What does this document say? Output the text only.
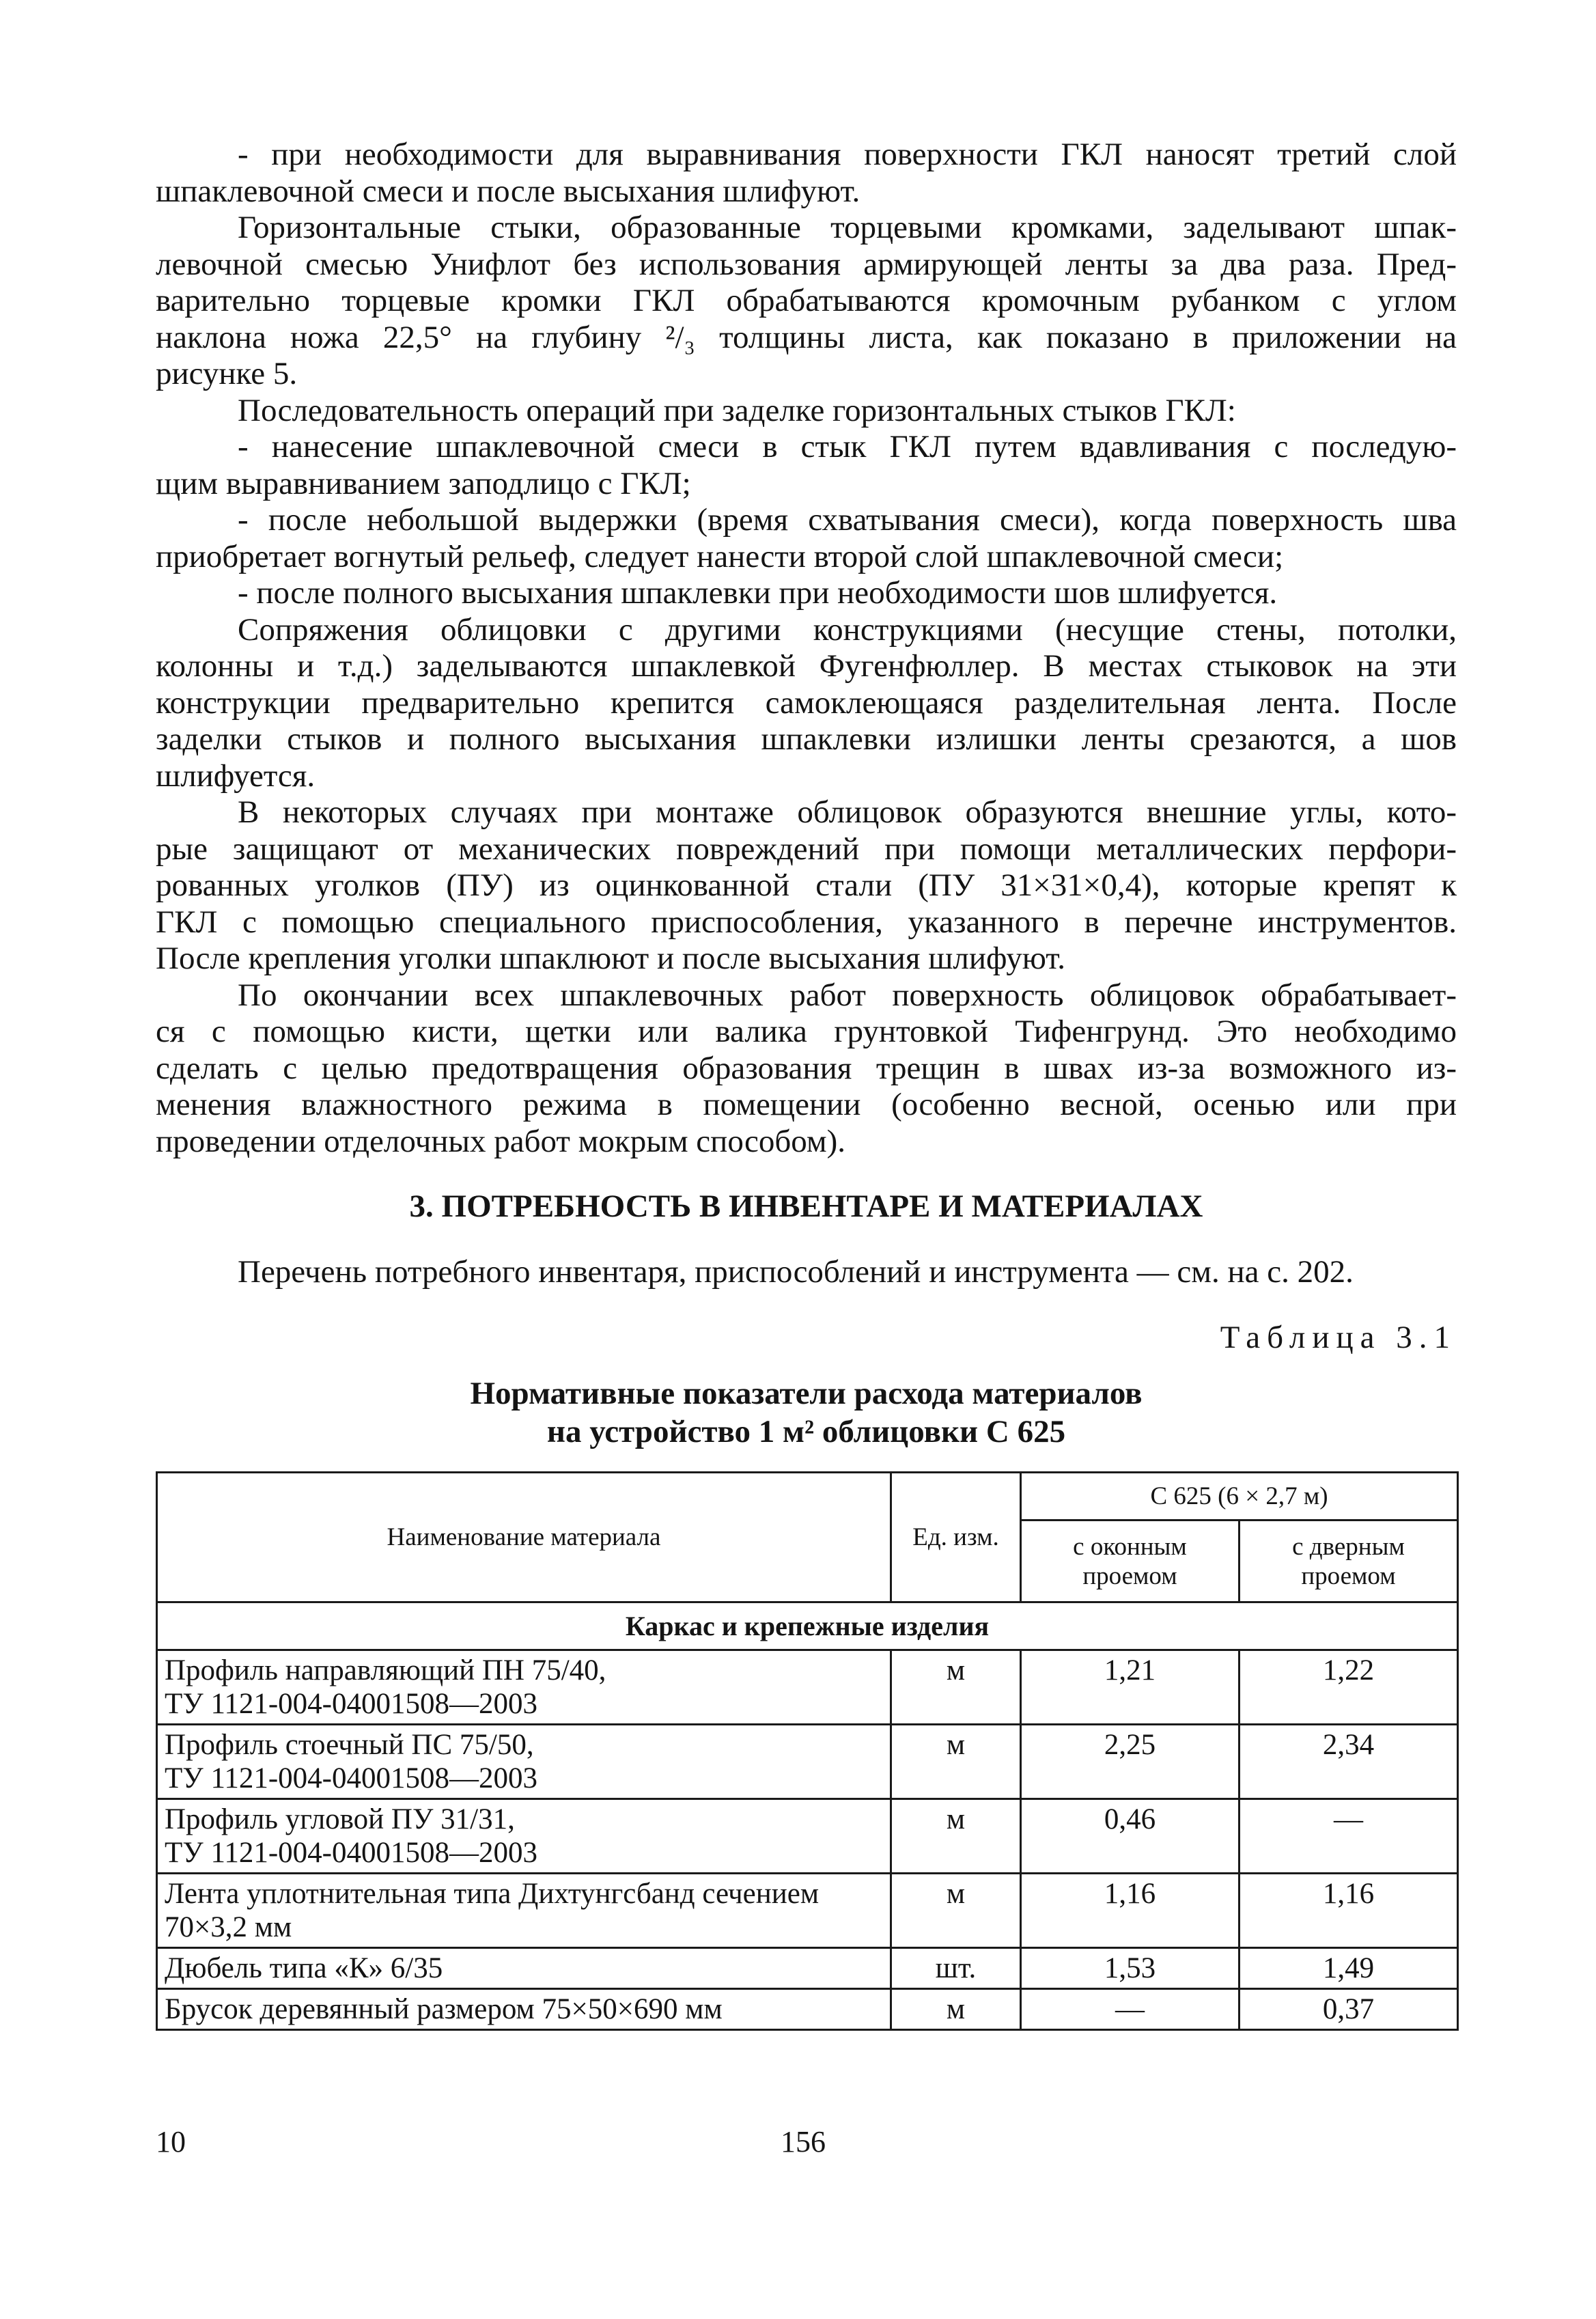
- при необходимости для выравнивания поверхности ГКЛ наносят третий слой
шпаклевочной смеси и после высыхания шлифуют.

Горизонтальные стыки, образованные торцевыми кромками, заделывают шпак-
левочной смесью Унифлот без использования армирующей ленты за два раза. Пред-
варительно торцевые кромки ГКЛ обрабатываются кромочным рубанком с углом
наклона ножа 22,5° на глубину ²/₃ толщины листа, как показано в приложении на
рисунке 5.

Последовательность операций при заделке горизонтальных стыков ГКЛ:

- нанесение шпаклевочной смеси в стык ГКЛ путем вдавливания с последую-
щим выравниванием заподлицо с ГКЛ;

- после небольшой выдержки (время схватывания смеси), когда поверхность шва
приобретает вогнутый рельеф, следует нанести второй слой шпаклевочной смеси;

- после полного высыхания шпаклевки при необходимости шов шлифуется.

Сопряжения облицовки с другими конструкциями (несущие стены, потолки,
колонны и т.д.) заделываются шпаклевкой Фугенфюллер. В местах стыковок на эти
конструкции предварительно крепится самоклеющаяся разделительная лента. После
заделки стыков и полного высыхания шпаклевки излишки ленты срезаются, а шов
шлифуется.

В некоторых случаях при монтаже облицовок образуются внешние углы, кото-
рые защищают от механических повреждений при помощи металлических перфори-
рованных уголков (ПУ) из оцинкованной стали (ПУ 31×31×0,4), которые крепят к
ГКЛ с помощью специального приспособления, указанного в перечне инструментов.
После крепления уголки шпаклюют и после высыхания шлифуют.

По окончании всех шпаклевочных работ поверхность облицовок обрабатывает-
ся с помощью кисти, щетки или валика грунтовкой Тифенгрунд. Это необходимо
сделать с целью предотвращения образования трещин в швах из-за возможного из-
менения влажностного режима в помещении (особенно весной, осенью или при
проведении отделочных работ мокрым способом).

3. ПОТРЕБНОСТЬ В ИНВЕНТАРЕ И МАТЕРИАЛАХ

Перечень потребного инвентаря, приспособлений и инструмента — см. на с. 202.

Таблица 3.1
Нормативные показатели расхода материалов
на устройство 1 м² облицовки С 625
Наименование материала	Ед. изм.	С 625 (6 × 2,7 м)	
		с оконным проемом	с дверным проемом
Каркас и крепежные изделия			

Профиль направляющий ПН 75/40,
ТУ 1121-004-04001508—2003	м	1,21	1,22

Профиль стоечный ПС 75/50,
ТУ 1121-004-04001508—2003	м	2,25	2,34

Профиль угловой ПУ 31/31,
ТУ 1121-004-04001508—2003	м	0,46	—

Лента уплотнительная типа Дихтунгсбанд сечением
70×3,2 мм	м	1,16	1,16

Дюбель типа «К» 6/35	шт.	1,53	1,49

Брусок деревянный размером 75×50×690 мм	м	—	0,37
10	156
